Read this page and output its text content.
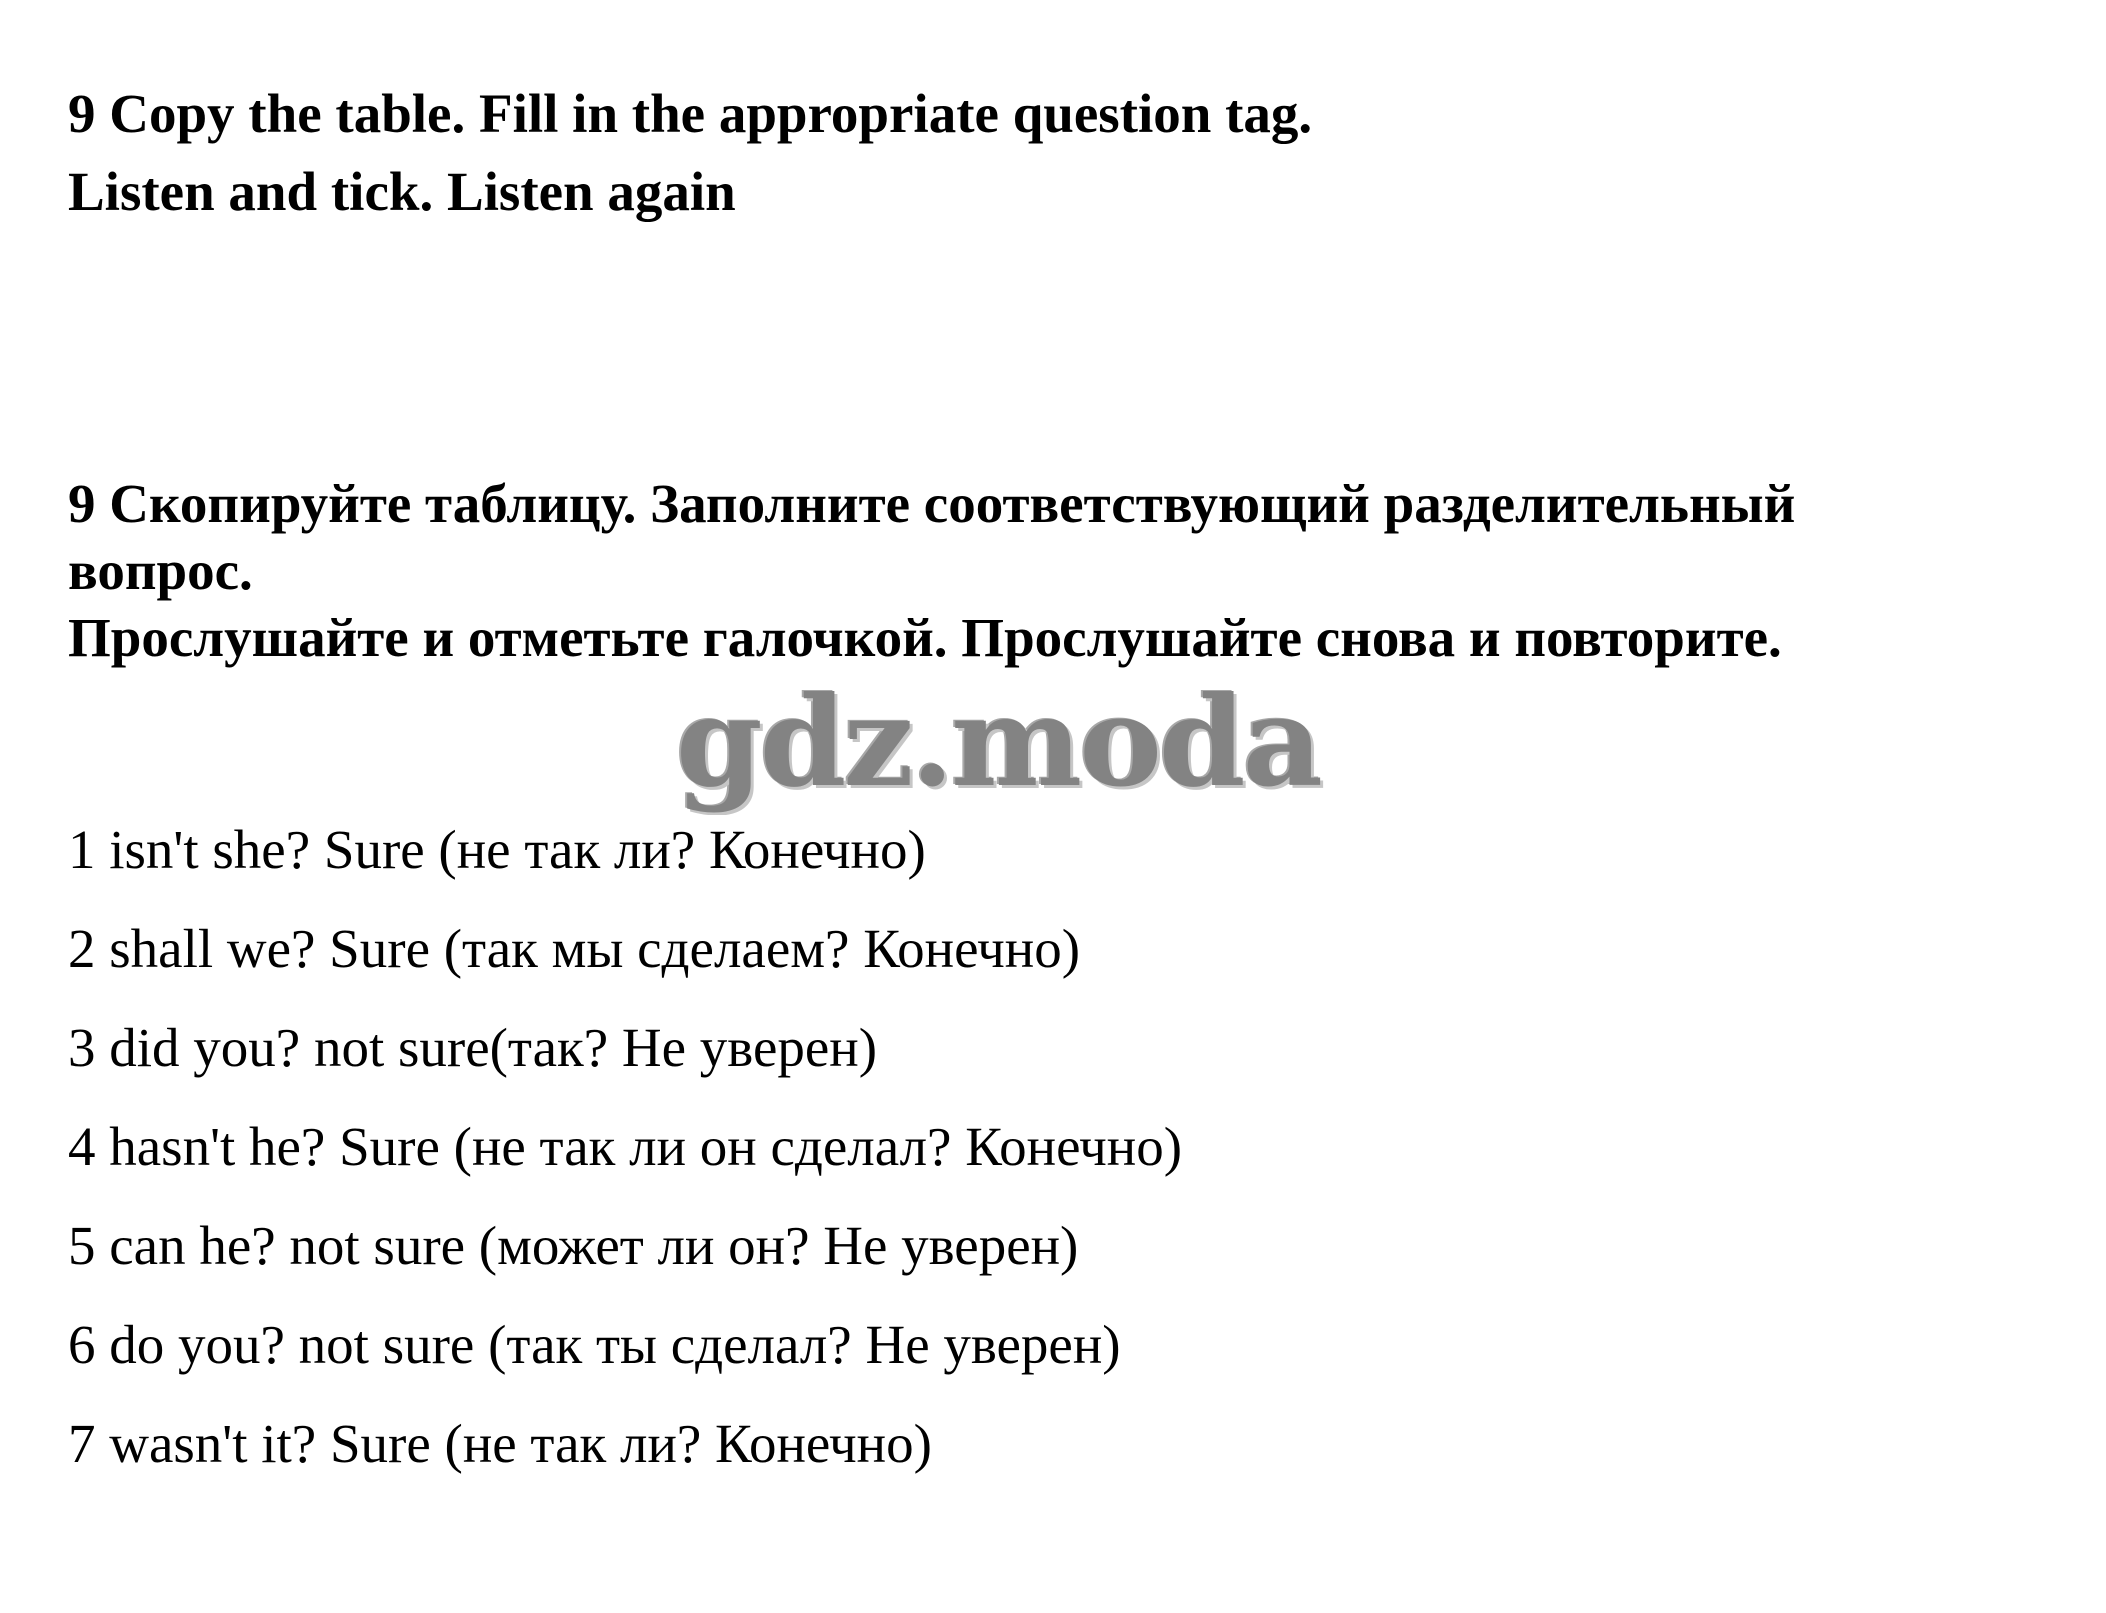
9 Copy the table. Fill in the appropriate question tag.
Listen and tick. Listen again
9 Скопируйте таблицу. Заполните соответствующий разделительный
вопрос.
Прослушайте и отметьте галочкой. Прослушайте снова и повторите.
gdz.moda
1 isn't she? Sure (не так ли? Конечно)
2 shall we? Sure (так мы сделаем? Конечно)
3 did you? not sure(так? Не уверен)
4 hasn't he? Sure (не так ли он сделал? Конечно)
5 can he? not sure (может ли он? Не уверен)
6 do you? not sure (так ты сделал? Не уверен)
7 wasn't it? Sure (не так ли? Конечно)
